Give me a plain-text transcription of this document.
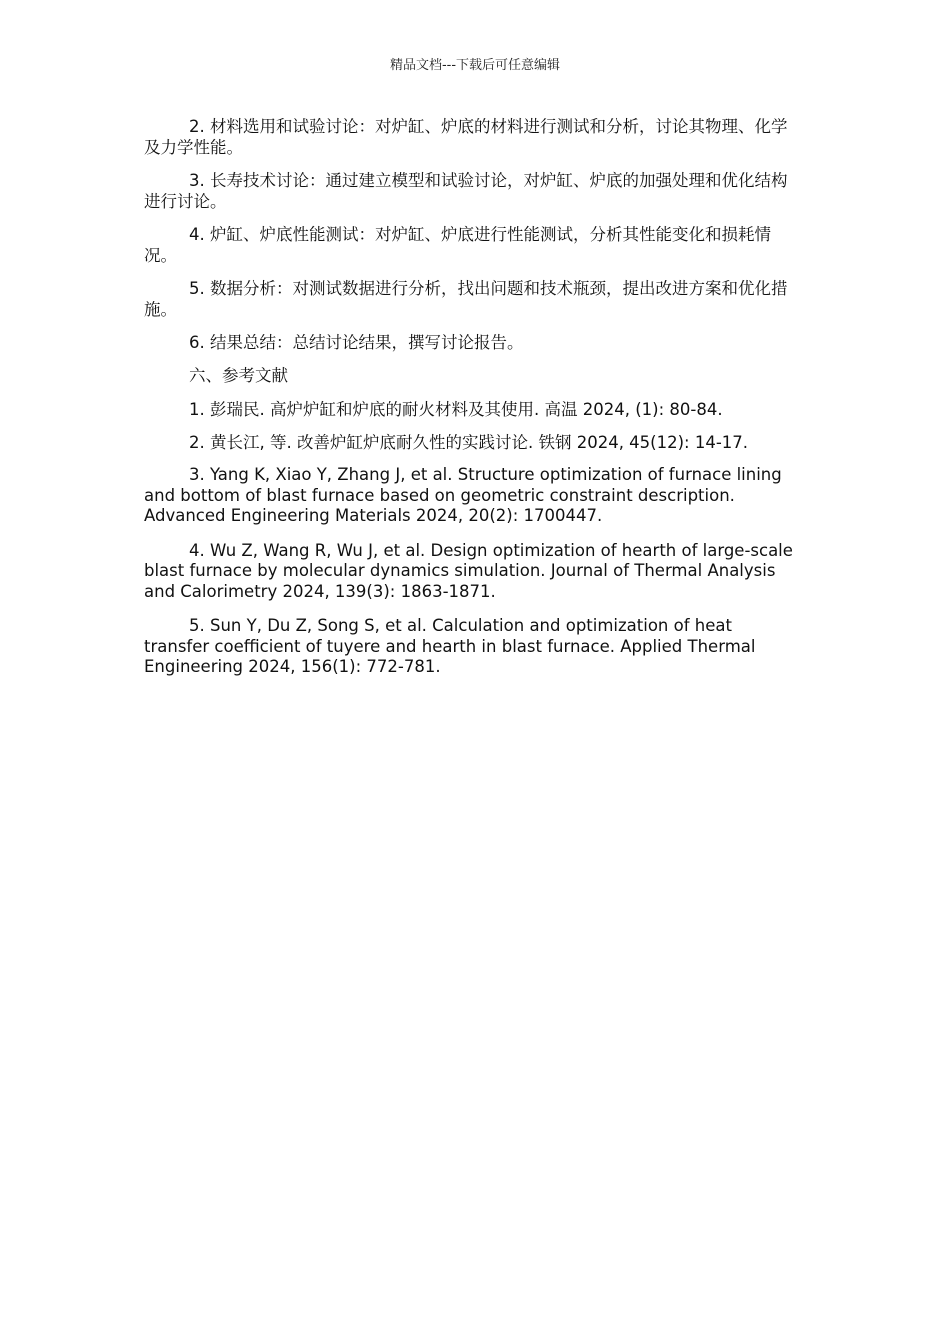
精品文档---下载后可任意编辑

2. 材料选用和试验讨论：对炉缸、炉底的材料进行测试和分析，讨论其物理、化学及力学性能。

3. 长寿技术讨论：通过建立模型和试验讨论，对炉缸、炉底的加强处理和优化结构进行讨论。

4. 炉缸、炉底性能测试：对炉缸、炉底进行性能测试，分析其性能变化和损耗情况。

5. 数据分析：对测试数据进行分析，找出问题和技术瓶颈，提出改进方案和优化措施。

6. 结果总结：总结讨论结果，撰写讨论报告。

六、参考文献

1. 彭瑞民. 高炉炉缸和炉底的耐火材料及其使用. 高温 2024, (1): 80-84.

2. 黄长江, 等. 改善炉缸炉底耐久性的实践讨论. 铁钢 2024, 45(12): 14-17.

3. Yang K, Xiao Y, Zhang J, et al. Structure optimization of furnace lining and bottom of blast furnace based on geometric constraint description. Advanced Engineering Materials 2024, 20(2): 1700447.

4. Wu Z, Wang R, Wu J, et al. Design optimization of hearth of large-scale blast furnace by molecular dynamics simulation. Journal of Thermal Analysis and Calorimetry 2024, 139(3): 1863-1871.

5. Sun Y, Du Z, Song S, et al. Calculation and optimization of heat transfer coefficient of tuyere and hearth in blast furnace. Applied Thermal Engineering 2024, 156(1): 772-781.
